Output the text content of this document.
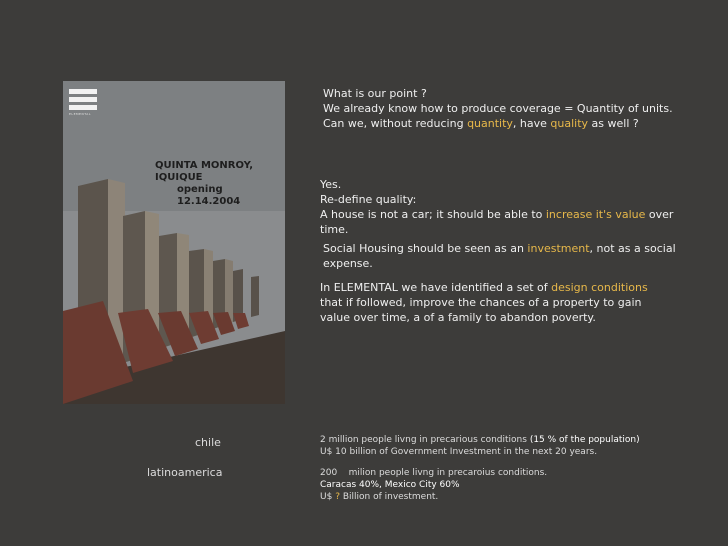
ELEMENTAL
QUINTA MONROY, IQUIQUE
opening 12.14.2004
What is our point ?
We already know how to produce coverage = Quantity of units.
Can we, without reducing quantity, have quality as well ?
Yes.
Re-define quality:
A house is not a car; it should be able to increase it's value over
time.
Social Housing should be seen as an investment, not as a social
expense.
In ELEMENTAL we have identified a set of design conditions
that if followed, improve the chances of a property to gain
value over time, a of a family to abandon poverty.
chile	2 million people livng in precarious conditions (15 % of the population)
U$ 10 billion of Government Investment in the next 20 years.
latinoamerica	200    milion people livng in precaroius conditions.
Caracas 40%, Mexico City 60%
U$ ? Billion of investment.
